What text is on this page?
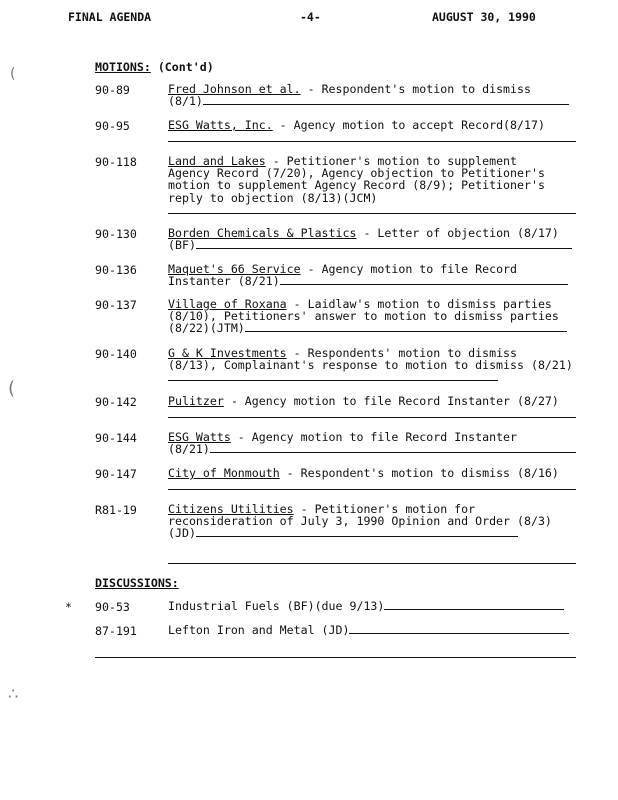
FINAL AGENDA	-4-	AUGUST 30, 1990
(
(
∴
MOTIONS: (Cont'd)
90-89	Fred Johnson et al. - Respondent's motion to dismiss
(8/1)
90-95	ESG Watts, Inc. - Agency motion to accept Record(8/17)
90-118	Land and Lakes - Petitioner's motion to supplement
Agency Record (7/20), Agency objection to Petitioner's motion to supplement Agency Record (8/9); Petitioner's reply to objection (8/13)(JCM)
90-130	Borden Chemicals & Plastics - Letter of objection (8/17)
(BF)
90-136	Maquet's 66 Service - Agency motion to file Record
Instanter (8/21)
90-137	Village of Roxana - Laidlaw's motion to dismiss parties
(8/10), Petitioners' answer to motion to dismiss parties (8/22)(JTM)
90-140	G & K Investments - Respondents' motion to dismiss
(8/13), Complainant's response to motion to dismiss (8/21)
90-142	Pulitzer - Agency motion to file Record Instanter (8/27)
90-144	ESG Watts - Agency motion to file Record Instanter
(8/21)
90-147	City of Monmouth - Respondent's motion to dismiss (8/16)
R81-19	Citizens Utilities - Petitioner's motion for
reconsideration of July 3, 1990 Opinion and Order (8/3)(JD)
DISCUSSIONS:
* 90-53	Industrial Fuels (BF)(due 9/13)
87-191	Lefton Iron and Metal (JD)
